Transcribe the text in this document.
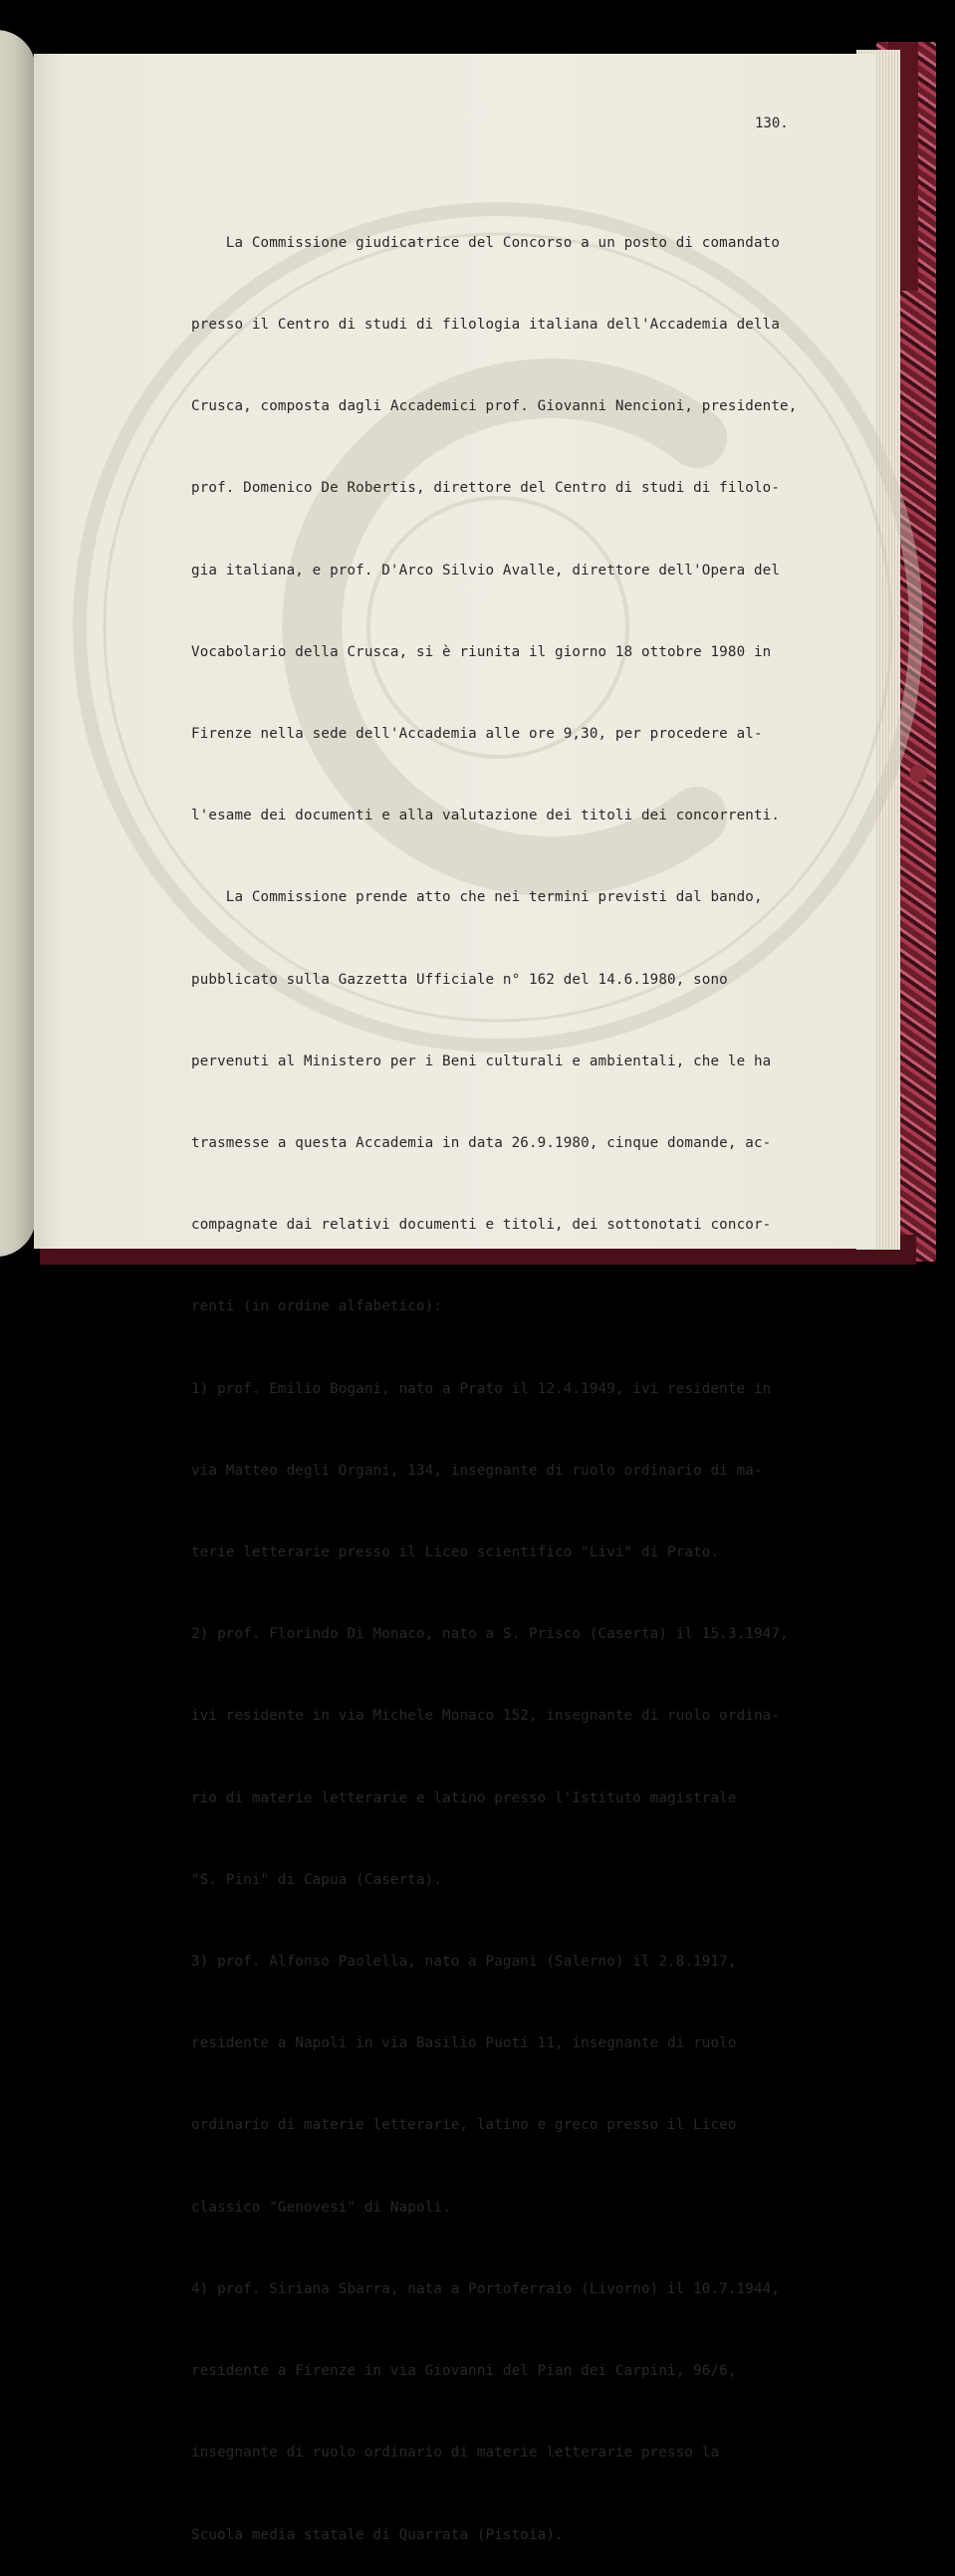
130.

La Commissione giudicatrice del Concorso a un posto di comandato

presso il Centro di studi di filologia italiana dell'Accademia della

Crusca, composta dagli Accademici prof. Giovanni Nencioni, presidente,

prof. Domenico De Robertis, direttore del Centro di studi di filolo-

gia italiana, e prof. D'Arco Silvio Avalle, direttore dell'Opera del

Vocabolario della Crusca, si è riunita il giorno 18 ottobre 1980 in

Firenze nella sede dell'Accademia alle ore 9,30, per procedere al-

l'esame dei documenti e alla valutazione dei titoli dei concorrenti.

La Commissione prende atto che nei termini previsti dal bando,

pubblicato sulla Gazzetta Ufficiale n° 162 del 14.6.1980, sono

pervenuti al Ministero per i Beni culturali e ambientali, che le ha

trasmesse a questa Accademia in data 26.9.1980, cinque domande, ac-

compagnate dai relativi documenti e titoli, dei sottonotati concor-

renti (in ordine alfabetico):

1) prof. Emilio Bogani, nato a Prato il 12.4.1949, ivi residente in

via Matteo degli Organi, 134, insegnante di ruolo ordinario di ma-

terie letterarie presso il Liceo scientifico "Livi" di Prato.

2) prof. Florindo Di Monaco, nato a S. Prisco (Caserta) il 15.3.1947,

ivi residente in via Michele Monaco 152, insegnante di ruolo ordina-

rio di materie letterarie e latino presso l'Istituto magistrale

"S. Pini" di Capua (Caserta).

3) prof. Alfonso Paolella, nato a Pagani (Salerno) il 2.8.1917,

residente a Napoli in via Basilio Puoti 11, insegnante di ruolo

ordinario di materie letterarie, latino e greco presso il Liceo

classico "Genovesi" di Napoli.

4) prof. Siriana Sbarra, nata a Portoferraio (Livorno) il 10.7.1944,

residente a Firenze in via Giovanni del Pian dei Carpini, 96/6,

insegnante di ruolo ordinario di materie letterarie presso la

Scuola media statale di Quarrata (Pistoia).
